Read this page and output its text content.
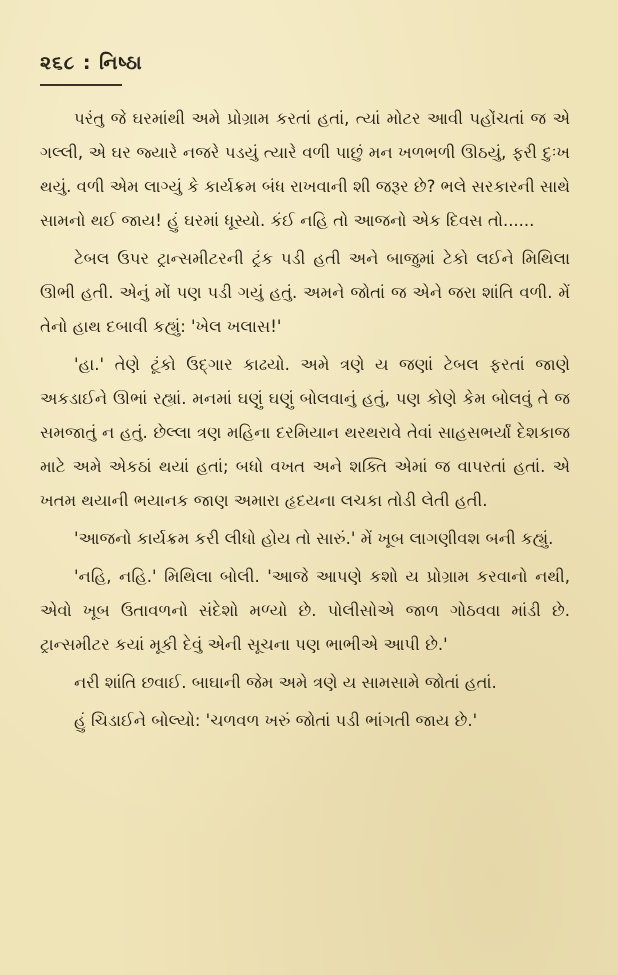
૨૬૮ : નિષ્ઠા

પરંતુ જે ઘરમાંથી અમે પ્રોગ્રામ કરતાં હતાં, ત્યાં મોટર આવી પહોંચતાં જ એ ગલ્લી, એ ઘર જ્યારે નજરે પડયું ત્યારે વળી પાછું મન ખળભળી ઊઠયું, ફરી દુઃખ થયું. વળી એમ લાગ્યું કે કાર્યક્રમ બંધ રાખવાની શી જરૂર છે? ભલે સરકારની સાથે સામનો થઈ જાય! હું ઘરમાં ધૂસ્યો. કંઈ નહિ તો આજનો એક દિવસ તો......

ટેબલ ઉપર ટ્રાન્સમીટરની ટ્રંક પડી હતી અને બાજુમાં ટેકો લઈને મિથિલા ઊભી હતી. એનું મોં પણ પડી ગયું હતું. અમને જોતાં જ એને જરા શાંતિ વળી. મેં તેનો હાથ દબાવી કહ્યું: 'ખેલ ખલાસ!'

'હા.' તેણે ટૂંકો ઉદ્ગાર કાઢયો. અમે ત્રણે ય જણાં ટેબલ ફરતાં જાણે અકડાઈને ઊભાં રહ્યાં. મનમાં ઘણું ઘણું બોલવાનું હતું, પણ કોણે કેમ બોલવું તે જ સમજાતું ન હતું. છેલ્લા ત્રણ મહિના દરમિયાન થરથરાવે તેવાં સાહસભર્યાં દેશકાજ માટે અમે એકઠાં થયાં હતાં; બધો વખત અને શક્તિ એમાં જ વાપરતાં હતાં. એ ખતમ થયાની ભયાનક જાણ અમારા હૃદયના લચકા તોડી લેતી હતી.

'આજનો કાર્યક્રમ કરી લીધો હોય તો સારું.' મેં ખૂબ લાગણીવશ બની કહ્યું.

'નહિ, નહિ.' મિથિલા બોલી. 'આજે આપણે કશો ય પ્રોગ્રામ કરવાનો નથી, એવો ખૂબ ઉતાવળનો સંદેશો મળ્યો છે. પોલીસોએ જાળ ગોઠવવા માંડી છે. ટ્રાન્સમીટર કયાં મૂકી દેવું એની સૂચના પણ ભાભીએ આપી છે.'

નરી શાંતિ છવાઈ. બાઘાની જેમ અમે ત્રણે ય સામસામે જોતાં હતાં.

હું ચિડાઈને બોલ્યો: 'ચળવળ ખરું જોતાં પડી ભાંગતી જાય છે.'
